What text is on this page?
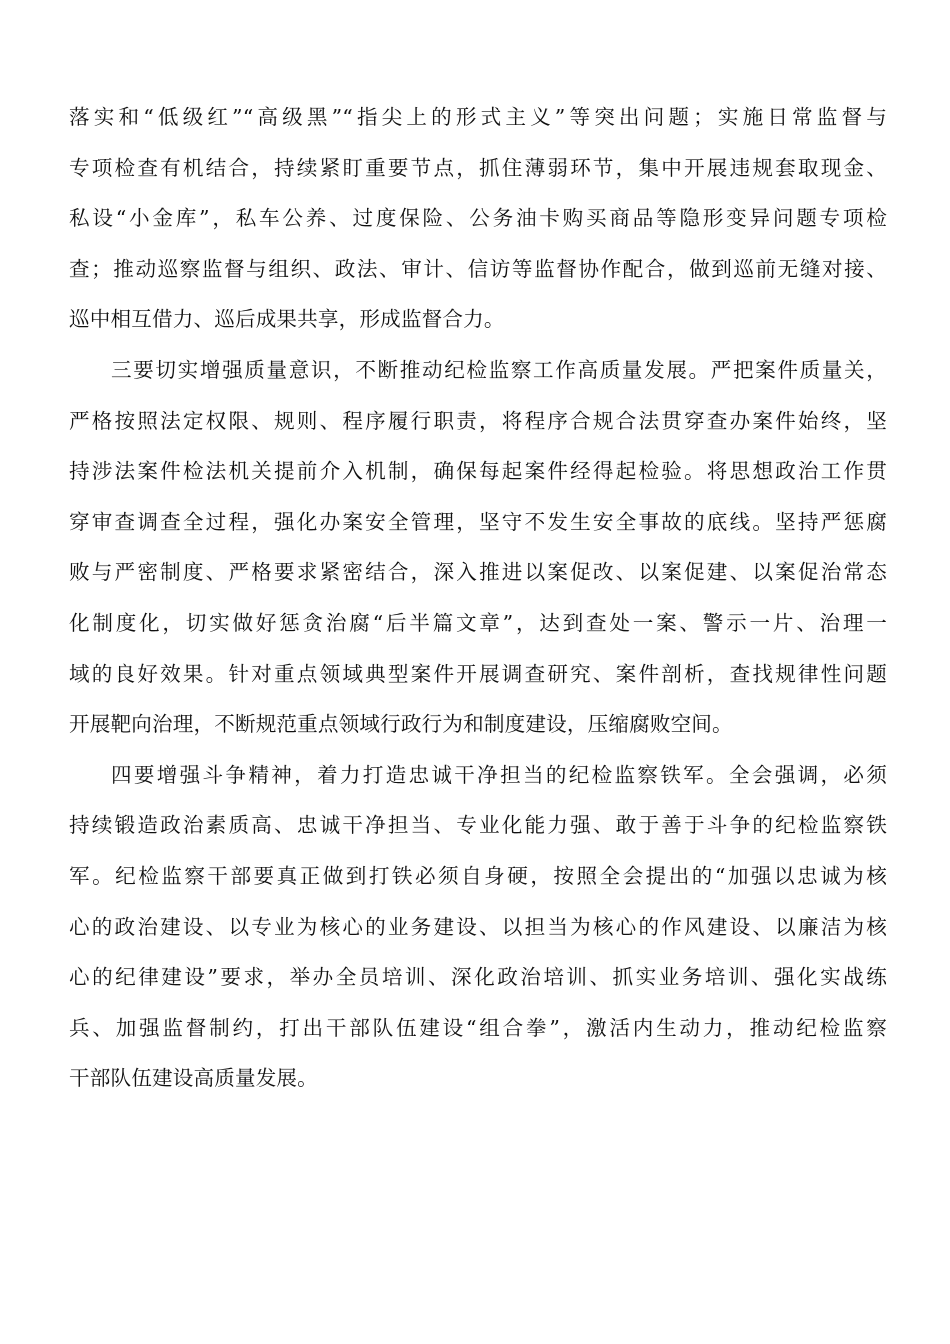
落实和“低级红”“高级黑”“指尖上的形式主义”等突出问题；实施日常监督与
专项检查有机结合，持续紧盯重要节点，抓住薄弱环节，集中开展违规套取现金、
私设“小金库”，私车公养、过度保险、公务油卡购买商品等隐形变异问题专项检
查；推动巡察监督与组织、政法、审计、信访等监督协作配合，做到巡前无缝对接、
巡中相互借力、巡后成果共享，形成监督合力。
三要切实增强质量意识，不断推动纪检监察工作高质量发展。严把案件质量关，
严格按照法定权限、规则、程序履行职责，将程序合规合法贯穿查办案件始终，坚
持涉法案件检法机关提前介入机制，确保每起案件经得起检验。将思想政治工作贯
穿审查调查全过程，强化办案安全管理，坚守不发生安全事故的底线。坚持严惩腐
败与严密制度、严格要求紧密结合，深入推进以案促改、以案促建、以案促治常态
化制度化，切实做好惩贪治腐“后半篇文章”，达到查处一案、警示一片、治理一
域的良好效果。针对重点领域典型案件开展调查研究、案件剖析，查找规律性问题
开展靶向治理，不断规范重点领域行政行为和制度建设，压缩腐败空间。
四要增强斗争精神，着力打造忠诚干净担当的纪检监察铁军。全会强调，必须
持续锻造政治素质高、忠诚干净担当、专业化能力强、敢于善于斗争的纪检监察铁
军。纪检监察干部要真正做到打铁必须自身硬，按照全会提出的“加强以忠诚为核
心的政治建设、以专业为核心的业务建设、以担当为核心的作风建设、以廉洁为核
心的纪律建设”要求，举办全员培训、深化政治培训、抓实业务培训、强化实战练
兵、加强监督制约，打出干部队伍建设“组合拳”，激活内生动力，推动纪检监察
干部队伍建设高质量发展。
